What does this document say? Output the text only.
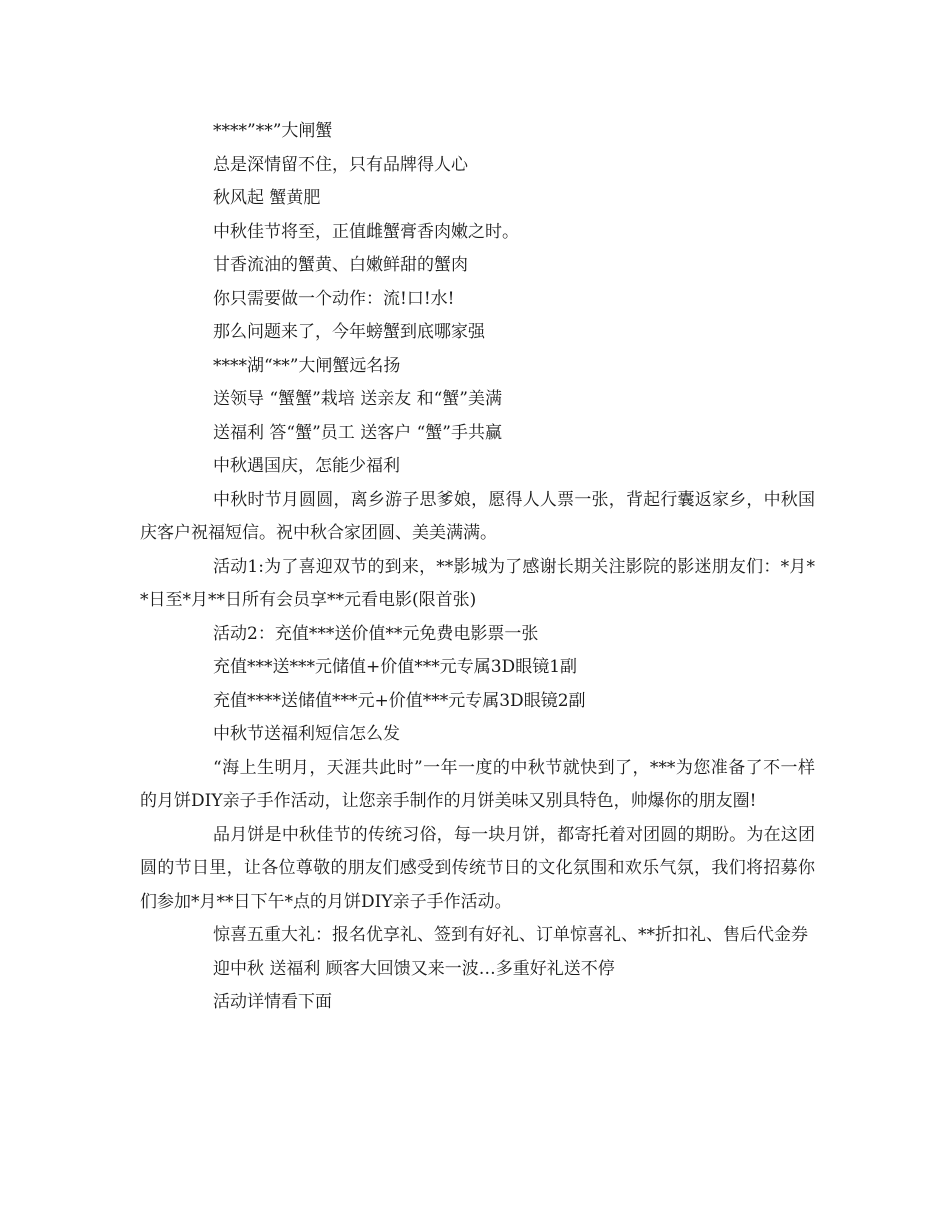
****”**”大闸蟹

总是深情留不住，只有品牌得人心

秋风起 蟹黄肥

中秋佳节将至，正值雌蟹膏香肉嫩之时。

甘香流油的蟹黄、白嫩鲜甜的蟹肉

你只需要做一个动作：流!口!水!

那么问题来了，今年螃蟹到底哪家强

****湖“**”大闸蟹远名扬

送领导 “蟹蟹”栽培 送亲友 和“蟹”美满

送福利 答“蟹”员工 送客户 “蟹”手共赢

中秋遇国庆，怎能少福利

中秋时节月圆圆，离乡游子思爹娘，愿得人人票一张，背起行囊返家乡，中秋国庆客户祝福短信。祝中秋合家团圆、美美满满。

活动1:为了喜迎双节的到来，**影城为了感谢长期关注影院的影迷朋友们：*月**日至*月**日所有会员享**元看电影(限首张)

活动2：充值***送价值**元免费电影票一张

充值***送***元储值+价值***元专属3D眼镜1副

充值****送储值***元+价值***元专属3D眼镜2副

中秋节送福利短信怎么发

“海上生明月，天涯共此时”一年一度的中秋节就快到了，***为您准备了不一样的月饼DIY亲子手作活动，让您亲手制作的月饼美味又别具特色，帅爆你的朋友圈!

品月饼是中秋佳节的传统习俗，每一块月饼，都寄托着对团圆的期盼。为在这团圆的节日里，让各位尊敬的朋友们感受到传统节日的文化氛围和欢乐气氛，我们将招募你们参加*月**日下午*点的月饼DIY亲子手作活动。

惊喜五重大礼：报名优享礼、签到有好礼、订单惊喜礼、**折扣礼、售后代金券

迎中秋 送福利 顾客大回馈又来一波…多重好礼送不停

活动详情看下面
